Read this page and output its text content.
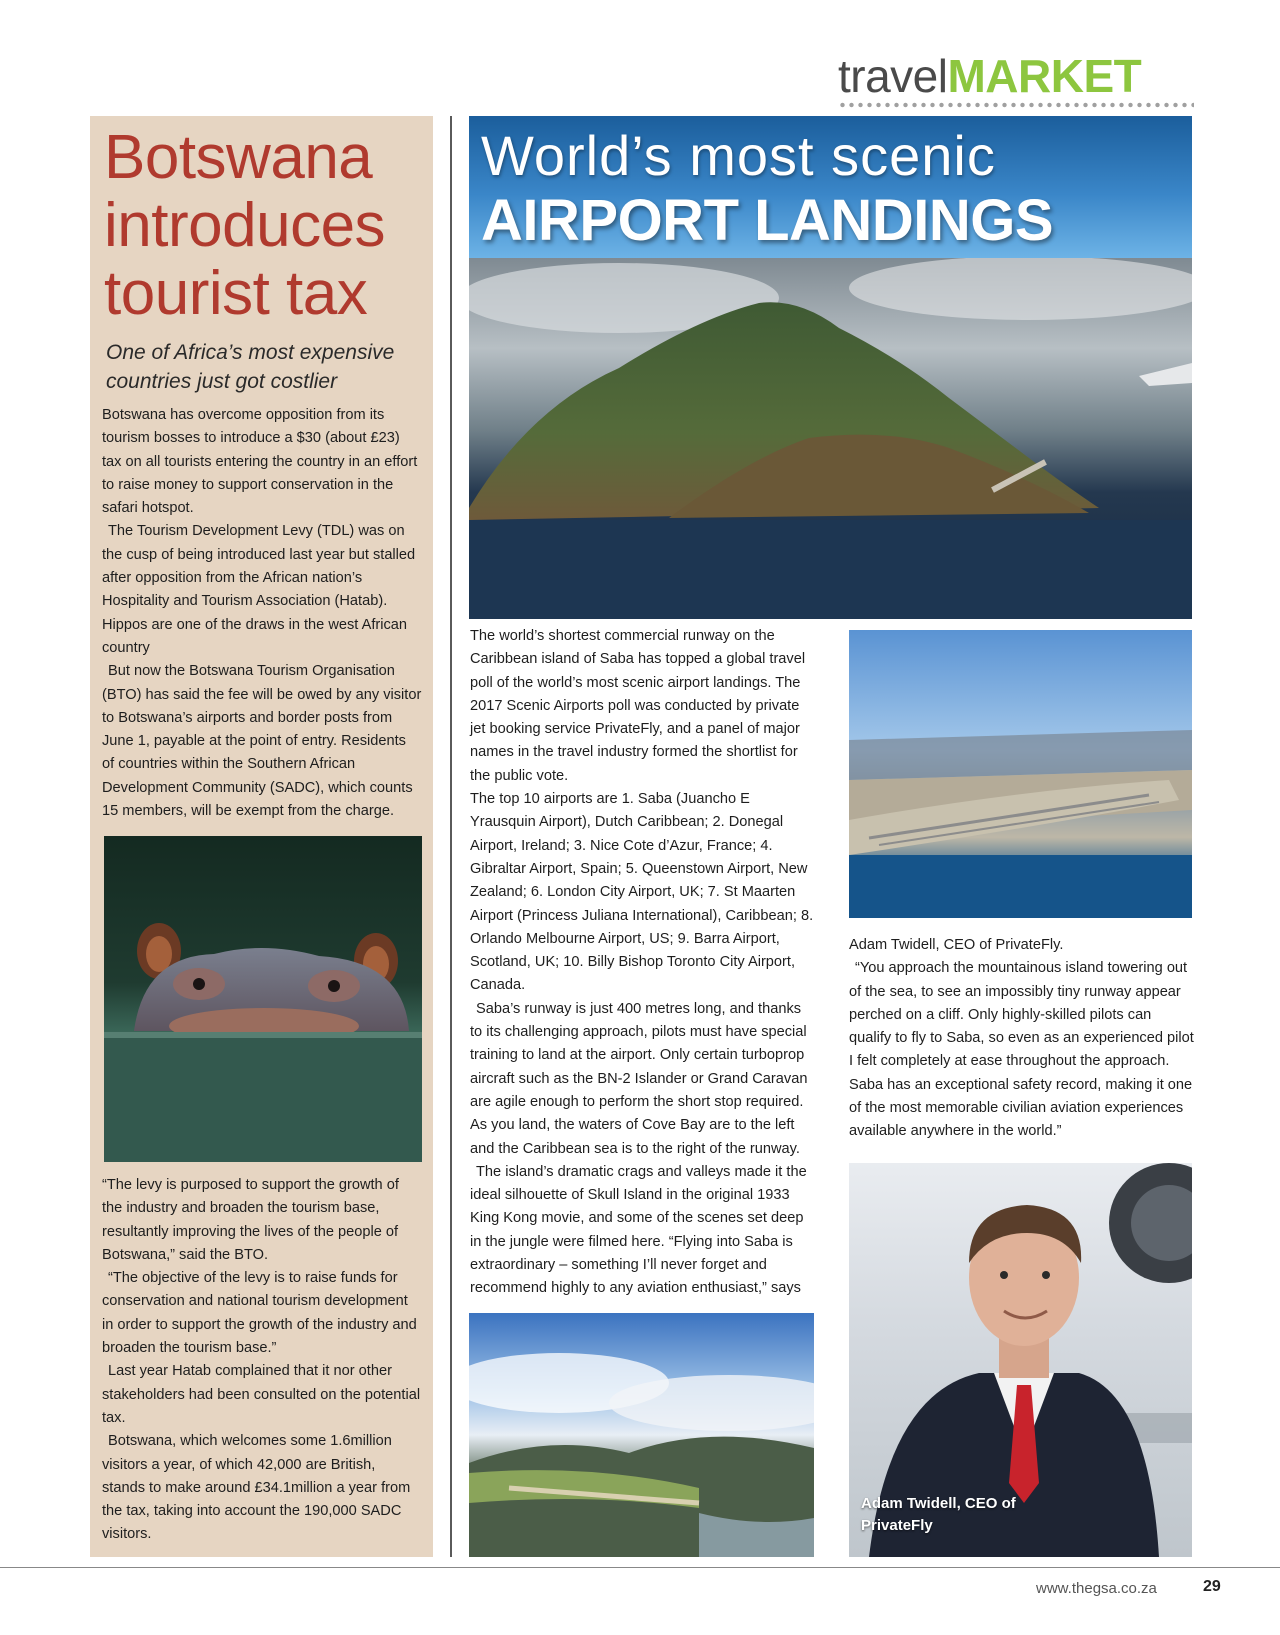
travelMARKET
Botswana introduces tourist tax

One of Africa’s most expensive countries just got costlier

Botswana has overcome opposition from its tourism bosses to introduce a $30 (about £23) tax on all tourists entering the country in an effort to raise money to support conservation in the safari hotspot.

The Tourism Development Levy (TDL) was on the cusp of being introduced last year but stalled after opposition from the African nation’s Hospitality and Tourism Association (Hatab). Hippos are one of the draws in the west African country

But now the Botswana Tourism Organisation (BTO) has said the fee will be owed by any visitor to Botswana’s airports and border posts from June 1, payable at the point of entry. Residents of countries within the Southern African Development Community (SADC), which counts 15 members, will be exempt from the charge.

“The levy is purposed to support the growth of the industry and broaden the tourism base, resultantly improving the lives of the people of Botswana,” said the BTO.

“The objective of the levy is to raise funds for conservation and national tourism development in order to support the growth of the industry and broaden the tourism base.”

Last year Hatab complained that it nor other stakeholders had been consulted on the potential tax.

Botswana, which welcomes some 1.6million visitors a year, of which 42,000 are British, stands to make around £34.1million a year from the tax, taking into account the 190,000 SADC visitors.

World’s most scenic
AIRPORT LANDINGS

The world’s shortest commercial runway on the Caribbean island of Saba has topped a global travel poll of the world’s most scenic airport landings. The 2017 Scenic Airports poll was conducted by private jet booking service PrivateFly, and a panel of major names in the travel industry formed the shortlist for the public vote.

The top 10 airports are 1. Saba (Juancho E Yrausquin Airport), Dutch Caribbean; 2. Donegal Airport, Ireland; 3. Nice Cote d’Azur, France; 4. Gibraltar Airport, Spain; 5. Queenstown Airport, New Zealand; 6. London City Airport, UK; 7. St Maarten Airport (Princess Juliana International), Caribbean; 8. Orlando Melbourne Airport, US; 9. Barra Airport, Scotland, UK; 10. Billy Bishop Toronto City Airport, Canada.

Saba’s runway is just 400 metres long, and thanks to its challenging approach, pilots must have special training to land at the airport. Only certain turboprop aircraft such as the BN-2 Islander or Grand Caravan are agile enough to perform the short stop required. As you land, the waters of Cove Bay are to the left and the Caribbean sea is to the right of the runway.

The island’s dramatic crags and valleys made it the ideal silhouette of Skull Island in the original 1933 King Kong movie, and some of the scenes set deep in the jungle were filmed here. “Flying into Saba is extraordinary – something I’ll never forget and recommend highly to any aviation enthusiast,” says

Adam Twidell, CEO of PrivateFly.

“You approach the mountainous island towering out of the sea, to see an impossibly tiny runway appear perched on a cliff. Only highly-skilled pilots can qualify to fly to Saba, so even as an experienced pilot I felt completely at ease throughout the approach. Saba has an exceptional safety record, making it one of the most memorable civilian aviation experiences available anywhere in the world.”

Adam Twidell, CEO of PrivateFly
www.thegsa.co.za	29
